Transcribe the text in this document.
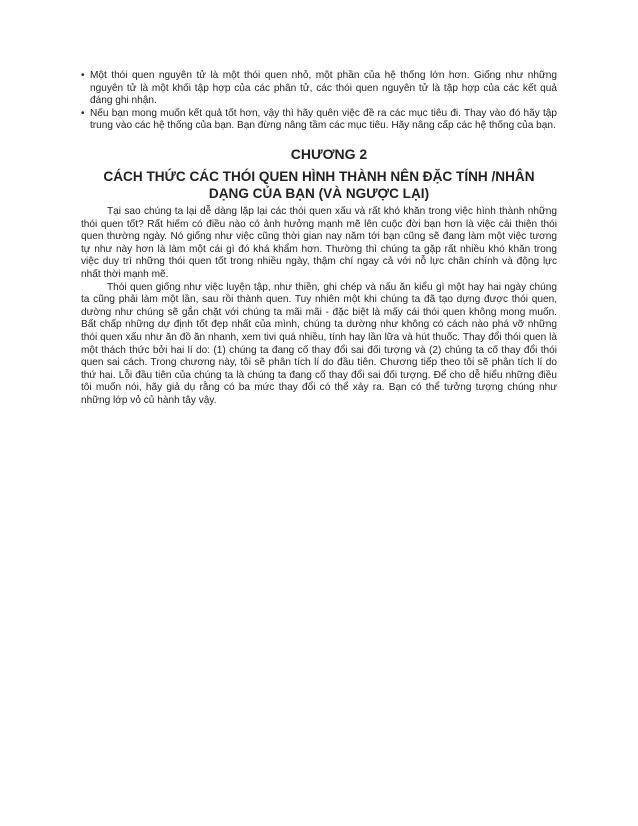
• Một thói quen nguyên tử là một thói quen nhỏ, một phần của hệ thống lớn hơn. Giống như những nguyên tử là một khối tập hợp của các phân tử, các thói quen nguyên tử là tập hợp của các kết quả đáng ghi nhận.
• Nếu bạn mong muốn kết quả tốt hơn, vậy thì hãy quên việc đề ra các mục tiêu đi. Thay vào đó hãy tập trung vào các hệ thống của bạn. Bạn đừng nâng tầm các mục tiêu. Hãy nâng cấp các hệ thống của bạn.
CHƯƠNG 2
CÁCH THỨC CÁC THÓI QUEN HÌNH THÀNH NÊN ĐẶC TÍNH /NHÂN DẠNG CỦA BẠN (VÀ NGƯỢC LẠI)

Tại sao chúng ta lại dễ dàng lặp lại các thói quen xấu và rất khó khăn trong việc hình thành những thói quen tốt? Rất hiếm có điều nào có ảnh hưởng mạnh mẽ lên cuộc đời bạn hơn là việc cải thiện thói quen thường ngày. Nó giống như việc cũng thời gian nay năm tới bạn cũng sẽ đang làm một việc tương tự như này hơn là làm một cái gì đó khá khẩm hơn. Thường thì chúng ta gặp rất nhiều khó khăn trong việc duy trì những thói quen tốt trong nhiều ngày, thậm chí ngay cả với nỗ lực chân chính và động lực nhất thời mạnh mẽ.

Thói quen giống như việc luyện tập, như thiền, ghi chép và nấu ăn kiểu gì một hay hai ngày chúng ta cũng phải làm một lần, sau rồi thành quen. Tuy nhiên một khi chúng ta đã tạo dựng được thói quen, dường như chúng sẽ gắn chặt với chúng ta mãi mãi - đặc biệt là mấy cái thói quen không mong muốn. Bất chấp những dự định tốt đẹp nhất của mình, chúng ta dường như không có cách nào phá vỡ những thói quen xấu như ăn đồ ăn nhanh, xem tivi quá nhiều, tính hay lần lữa và hút thuốc. Thay đổi thói quen là một thách thức bởi hai lí do: (1) chúng ta đang cố thay đổi sai đối tượng và (2) chúng ta cố thay đổi thói quen sai cách. Trong chương này, tôi sẽ phân tích lí do đầu tiên. Chương tiếp theo tôi sẽ phân tích lí do thứ hai. Lỗi đầu tiên của chúng ta là chúng ta đang cố thay đổi sai đối tượng. Để cho dễ hiểu những điều tôi muốn nói, hãy giả dụ rằng có ba mức thay đổi có thể xảy ra. Bạn có thể tưởng tượng chúng như những lớp vỏ củ hành tây vậy.
